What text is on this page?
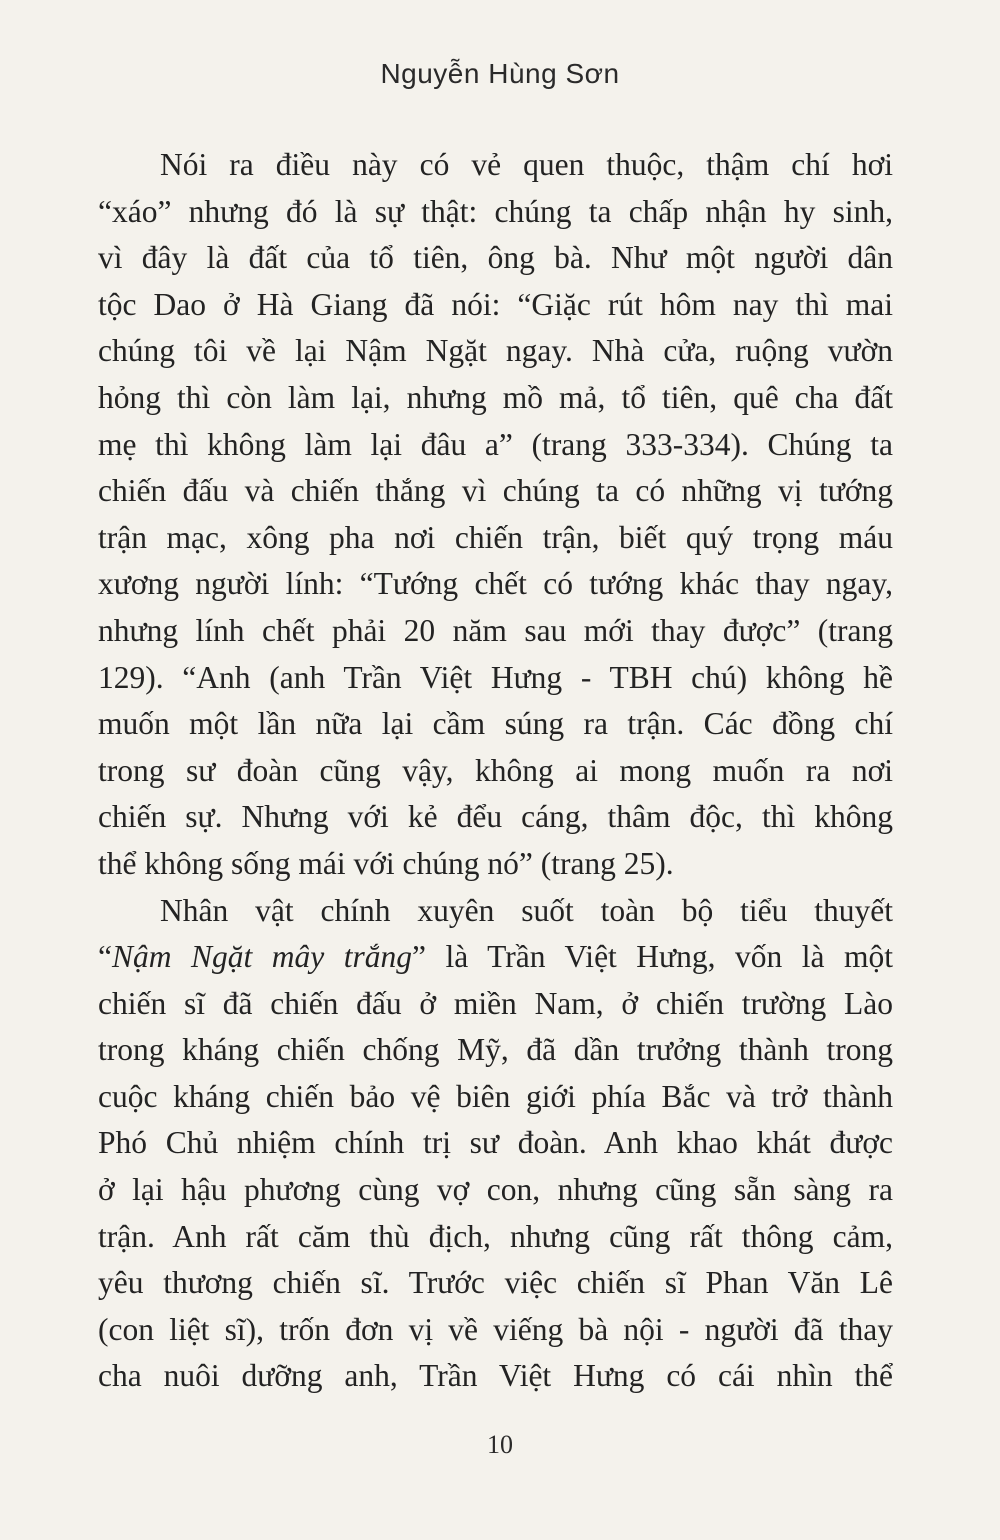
Nguyễn Hùng Sơn
Nói ra điều này có vẻ quen thuộc, thậm chí hơi
“xáo” nhưng đó là sự thật: chúng ta chấp nhận hy sinh,
vì đây là đất của tổ tiên, ông bà. Như một người dân
tộc Dao ở Hà Giang đã nói: “Giặc rút hôm nay thì mai
chúng tôi về lại Nậm Ngặt ngay. Nhà cửa, ruộng vườn
hỏng thì còn làm lại, nhưng mồ mả, tổ tiên, quê cha đất
mẹ thì không làm lại đâu a” (trang 333-334). Chúng ta
chiến đấu và chiến thắng vì chúng ta có những vị tướng
trận mạc, xông pha nơi chiến trận, biết quý trọng máu
xương người lính: “Tướng chết có tướng khác thay ngay,
nhưng lính chết phải 20 năm sau mới thay được” (trang
129). “Anh (anh Trần Việt Hưng - TBH chú) không hề
muốn một lần nữa lại cầm súng ra trận. Các đồng chí
trong sư đoàn cũng vậy, không ai mong muốn ra nơi
chiến sự. Nhưng với kẻ đểu cáng, thâm độc, thì không
thể không sống mái với chúng nó” (trang 25).
Nhân vật chính xuyên suốt toàn bộ tiểu thuyết
“Nậm Ngặt mây trắng” là Trần Việt Hưng, vốn là một
chiến sĩ đã chiến đấu ở miền Nam, ở chiến trường Lào
trong kháng chiến chống Mỹ, đã dần trưởng thành trong
cuộc kháng chiến bảo vệ biên giới phía Bắc và trở thành
Phó Chủ nhiệm chính trị sư đoàn. Anh khao khát được
ở lại hậu phương cùng vợ con, nhưng cũng sẵn sàng ra
trận. Anh rất căm thù địch, nhưng cũng rất thông cảm,
yêu thương chiến sĩ. Trước việc chiến sĩ Phan Văn Lê
(con liệt sĩ), trốn đơn vị về viếng bà nội - người đã thay
cha nuôi dưỡng anh, Trần Việt Hưng có cái nhìn thể
10
